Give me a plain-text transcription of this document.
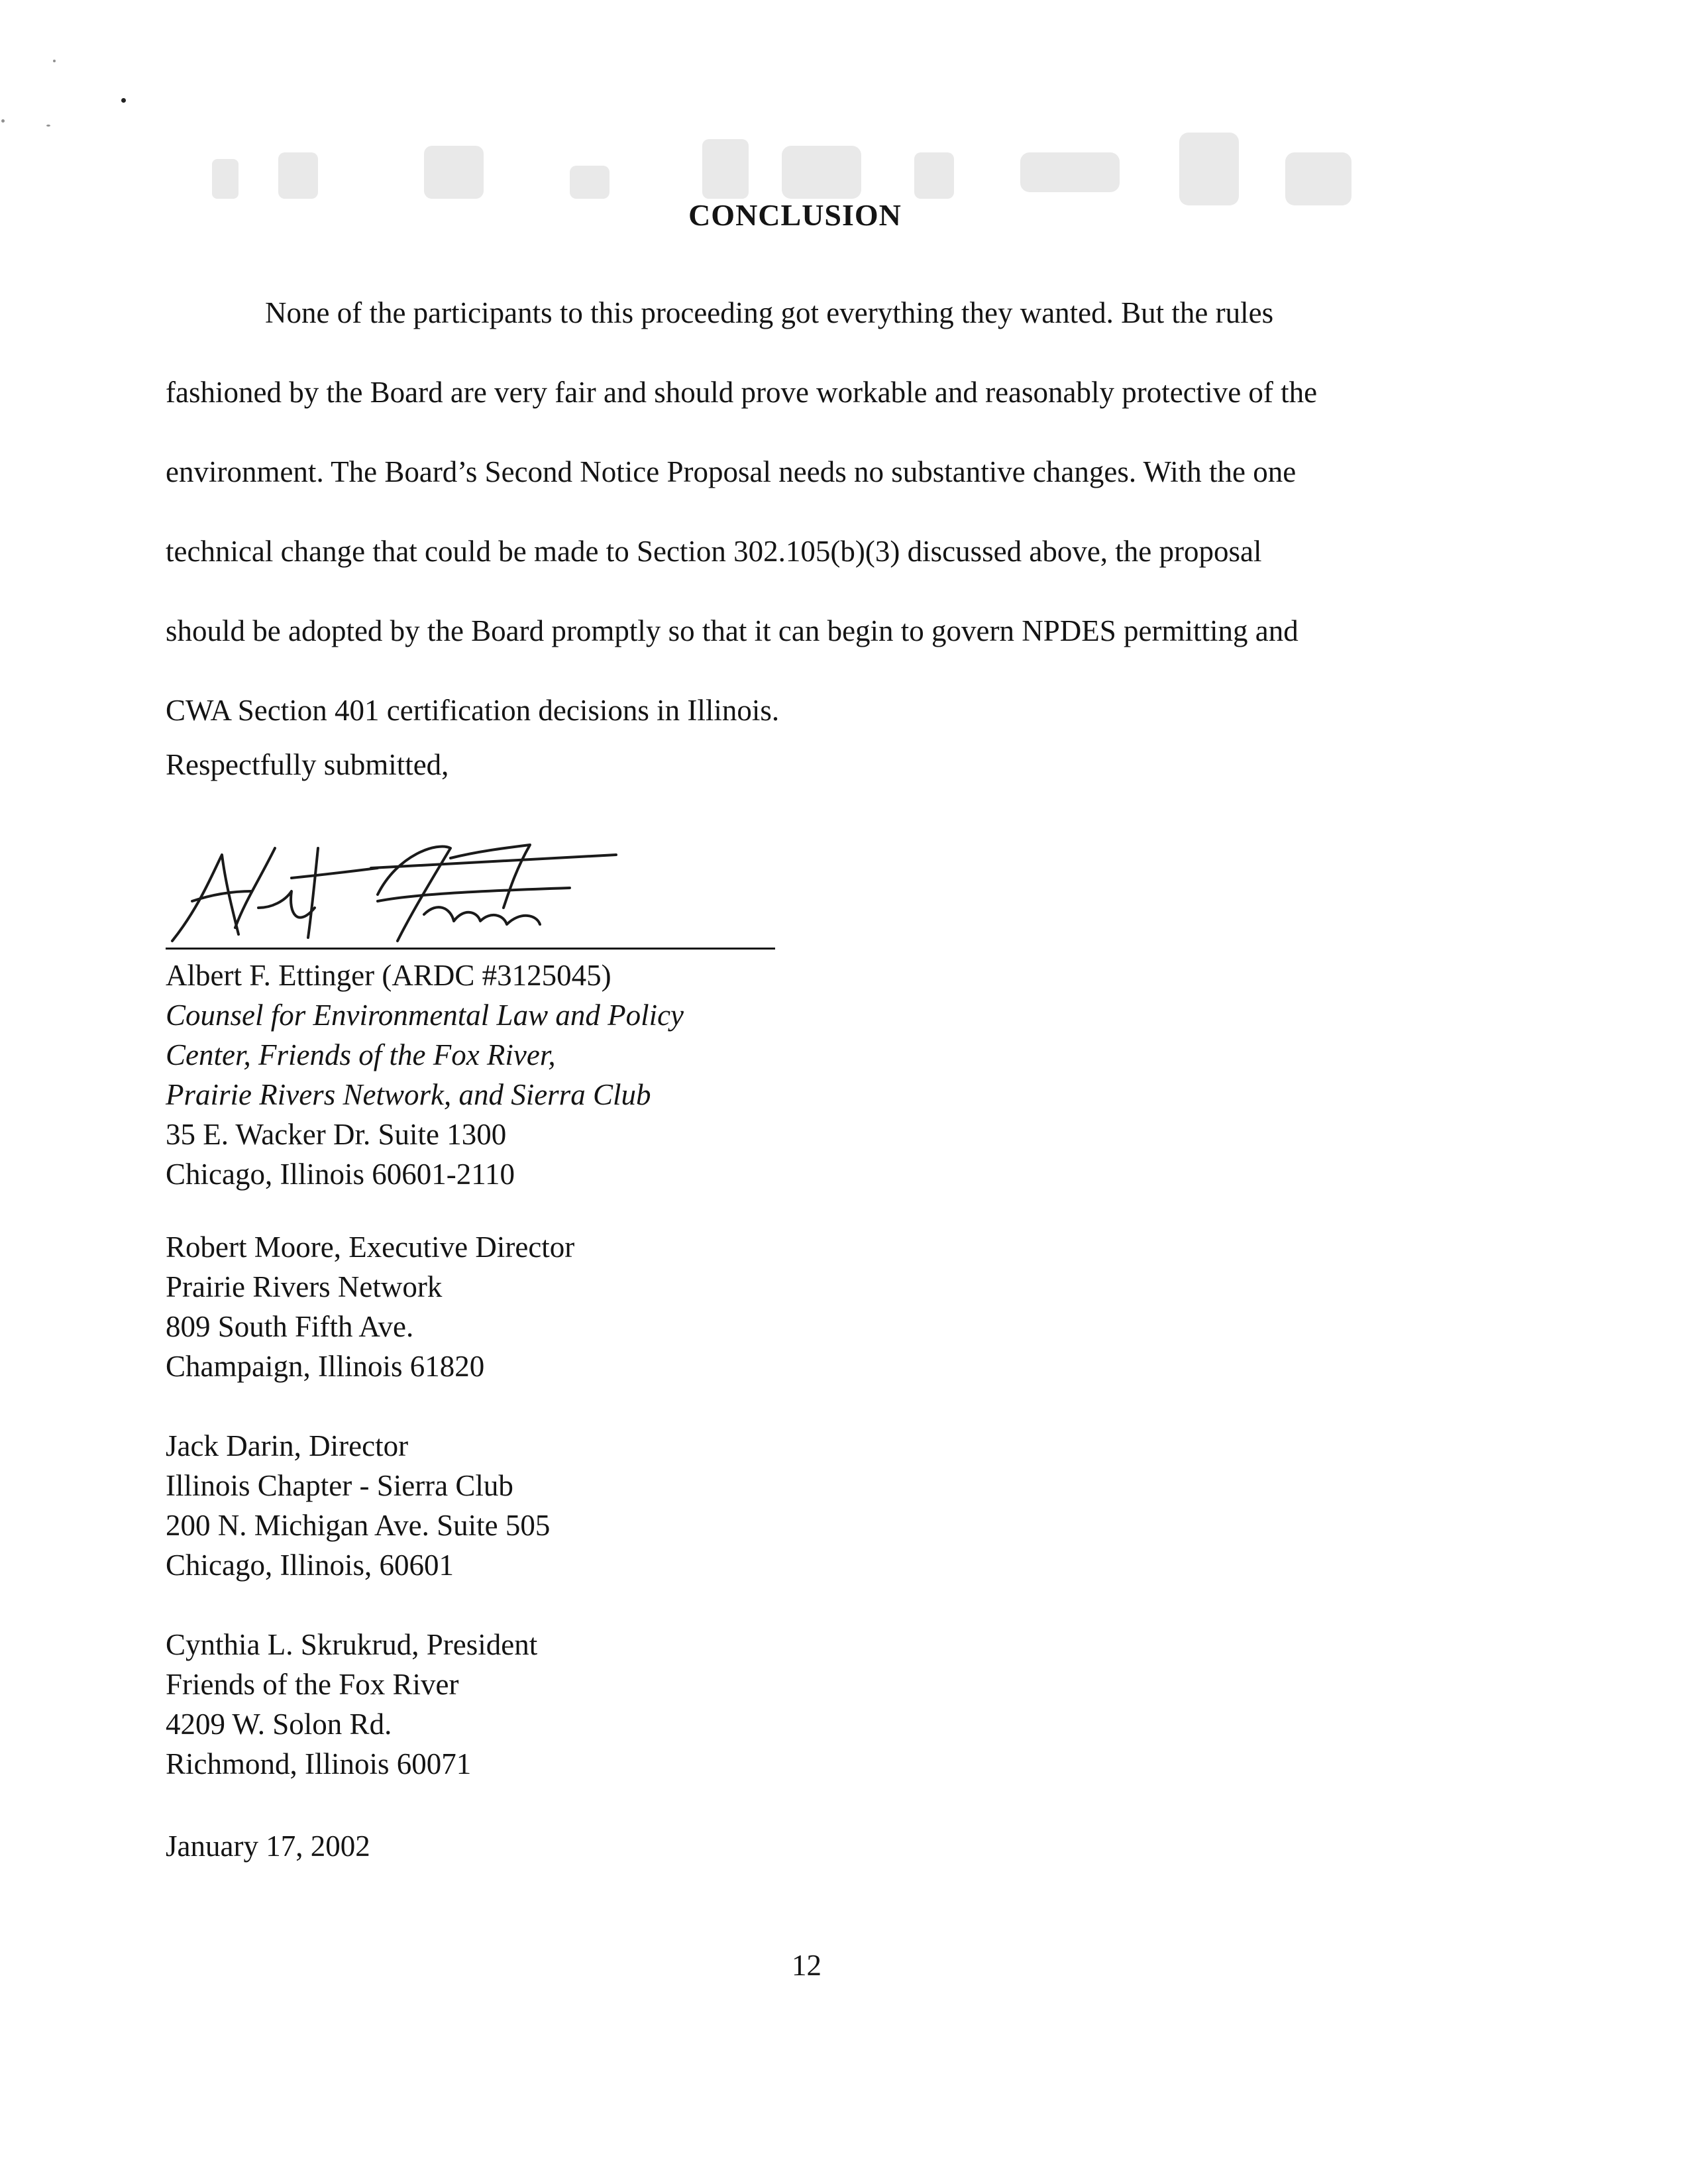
CONCLUSION
None of the participants to this proceeding got everything they wanted. But the rules
fashioned by the Board are very fair and should prove workable and reasonably protective of the
environment. The Board’s Second Notice Proposal needs no substantive changes. With the one
technical change that could be made to Section 302.105(b)(3) discussed above, the proposal
should be adopted by the Board promptly so that it can begin to govern NPDES permitting and
CWA Section 401 certification decisions in Illinois.
Respectfully submitted,
Albert F. Ettinger (ARDC #3125045)
Counsel for Environmental Law and Policy
Center, Friends of the Fox River,
Prairie Rivers Network, and Sierra Club
35 E. Wacker Dr. Suite 1300
Chicago, Illinois 60601-2110
Robert Moore, Executive Director
Prairie Rivers Network
809 South Fifth Ave.
Champaign, Illinois 61820
Jack Darin, Director
Illinois Chapter - Sierra Club
200 N. Michigan Ave. Suite 505
Chicago, Illinois, 60601
Cynthia L. Skrukrud, President
Friends of the Fox River
4209 W. Solon Rd.
Richmond, Illinois 60071
January 17, 2002
12
